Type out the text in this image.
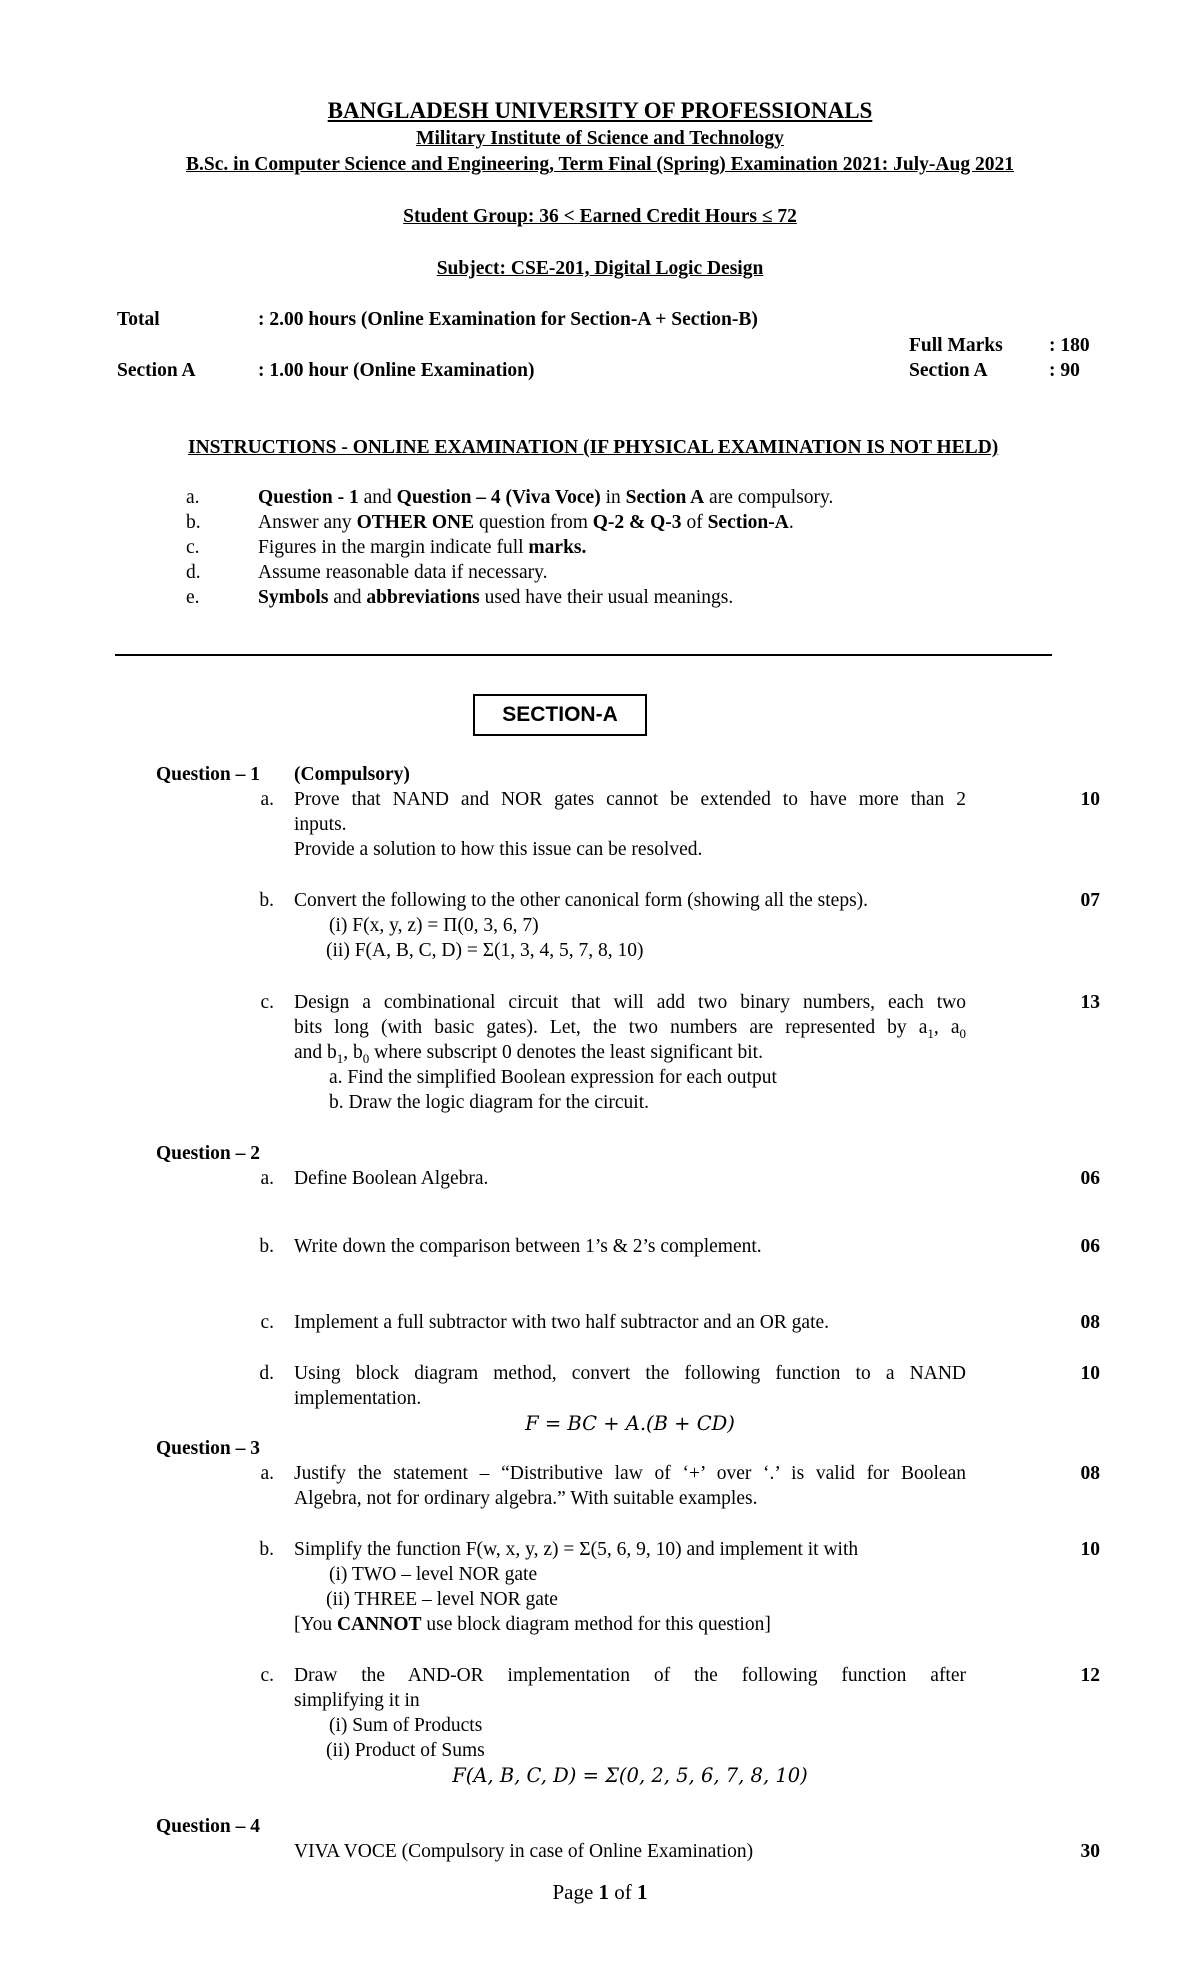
BANGLADESH UNIVERSITY OF PROFESSIONALS
Military Institute of Science and Technology
B.Sc. in Computer Science and Engineering, Term Final (Spring) Examination 2021: July-Aug 2021
Student Group: 36 < Earned Credit Hours ≤ 72
Subject: CSE-201, Digital Logic Design
Total	: 2.00 hours (Online Examination for Section-A + Section-B)
Full Marks : 180
Section A	: 1.00 hour (Online Examination)	Section A	: 90
INSTRUCTIONS - ONLINE EXAMINATION (IF PHYSICAL EXAMINATION IS NOT HELD)
a.	Question - 1 and Question – 4 (Viva Voce) in Section A are compulsory.
b.	Answer any OTHER ONE question from Q-2 & Q-3 of Section-A.
c.	Figures in the margin indicate full marks.
d.	Assume reasonable data if necessary.
e.	Symbols and abbreviations used have their usual meanings.
SECTION-A
Question – 1 (Compulsory)
a. Prove that NAND and NOR gates cannot be extended to have more than 2
inputs.
Provide a solution to how this issue can be resolved.
10
b. Convert the following to the other canonical form (showing all the steps).
(i) F(x, y, z) = Π(0, 3, 6, 7)
(ii) F(A, B, C, D) = Σ(1, 3, 4, 5, 7, 8, 10)
07
c. Design a combinational circuit that will add two binary numbers, each two
bits long (with basic gates). Let, the two numbers are represented by $a_1$, $a_0$
and $b_1$, $b_0$ where subscript 0 denotes the least significant bit.
a. Find the simplified Boolean expression for each output
b. Draw the logic diagram for the circuit.
13
Question – 2
a. Define Boolean Algebra.	06
b. Write down the comparison between 1’s & 2’s complement.	06
c. Implement a full subtractor with two half subtractor and an OR gate.	08
d. Using block diagram method, convert the following function to a NAND
implementation.
F = BC + A.(B + CD)
10
Question – 3
a. Justify the statement – “Distributive law of ‘+’ over ‘.’ is valid for Boolean
Algebra, not for ordinary algebra.” With suitable examples.
08
b. Simplify the function F(w, x, y, z) = Σ(5, 6, 9, 10) and implement it with
(i) TWO – level NOR gate
(ii) THREE – level NOR gate
[You CANNOT use block diagram method for this question]
10
c. Draw the AND-OR implementation of the following function after
simplifying it in
(i) Sum of Products
(ii) Product of Sums
F(A, B, C, D) = Σ(0, 2, 5, 6, 7, 8, 10)
12
Question – 4
VIVA VOCE (Compulsory in case of Online Examination)	30
Page 1 of 1
